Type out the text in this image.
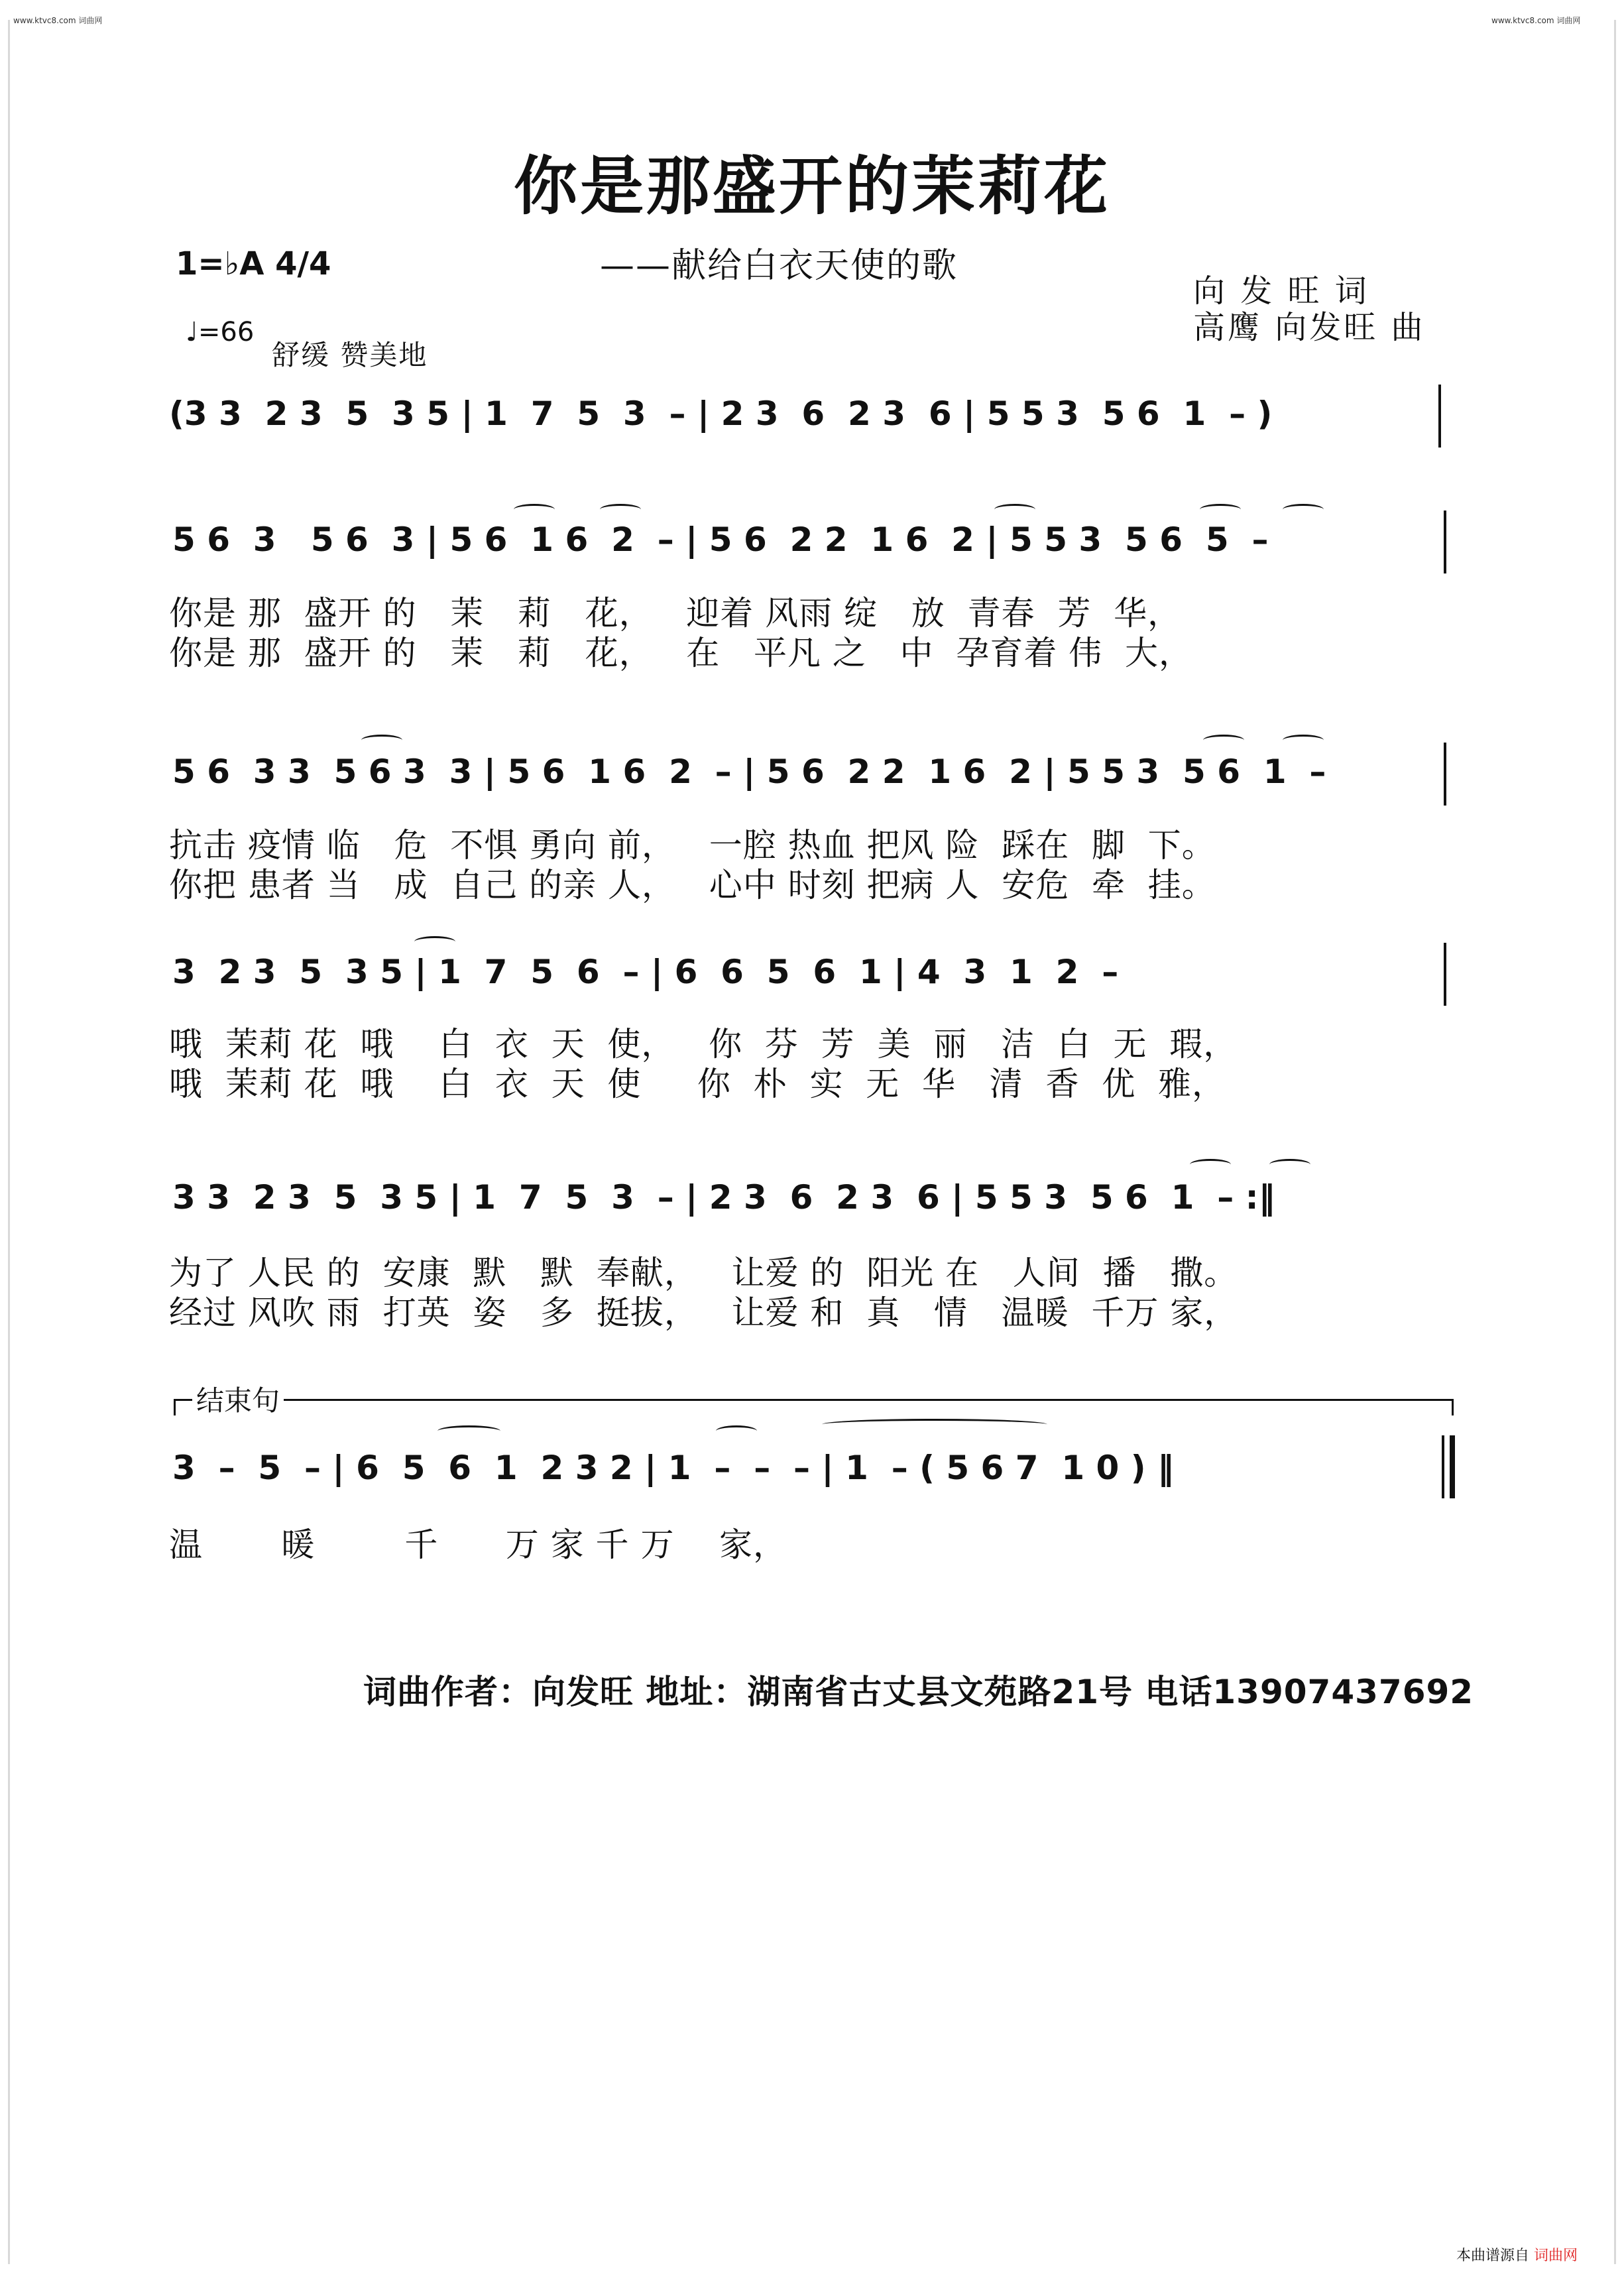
www.ktvc8.com 词曲网	www.ktvc8.com 词曲网
你是那盛开的茉莉花
——献给白衣天使的歌
向 发 旺 词
高鹰 向发旺 曲
1=♭A 4/4
♩=66
舒缓 赞美地
(3 3  2 3  5  3 5 | 1  7  5  3  – | 2 3  6  2 3  6 | 5 5 3  5 6  1  – )
5 6  3   5 6  3 | 5 6  1 6  2  – | 5 6  2 2  1 6  2 | 5 5 3  5 6  5  –
你是 那  盛开 的   茉   莉   花，   迎着 风雨 绽   放  青春  芳  华，
你是 那  盛开 的   茉   莉   花，   在   平凡 之   中  孕育着 伟  大，
5 6  3 3  5 6 3  3 | 5 6  1 6  2  – | 5 6  2 2  1 6  2 | 5 5 3  5 6  1  –
抗击 疫情 临   危  不惧 勇向 前，   一腔 热血 把风 险  踩在  脚  下。
你把 患者 当   成  自己 的亲 人，   心中 时刻 把病 人  安危  牵  挂。
3  2 3  5  3 5 | 1  7  5  6  – | 6  6  5  6  1 | 4  3  1  2  –
哦  茉莉 花  哦    白  衣  天  使，   你  芬  芳  美  丽   洁  白  无  瑕，
哦  茉莉 花  哦    白  衣  天  使     你  朴  实  无  华   清  香  优  雅，
3 3  2 3  5  3 5 | 1  7  5  3  – | 2 3  6  2 3  6 | 5 5 3  5 6  1  – :‖
为了 人民 的  安康  默   默  奉献，   让爱 的  阳光 在   人间  播   撒。
经过 风吹 雨  打英  姿   多  挺拔，   让爱 和  真   情   温暖  千万 家，
结束句
3  –  5  – | 6  5  6  1  2 3 2 | 1  –  –  – | 1  – ( 5 6 7  1 0 ) ‖
温       暖        千      万 家 千 万    家，
词曲作者：向发旺 地址：湖南省古丈县文苑路21号 电话13907437692
本曲谱源自 词曲网
